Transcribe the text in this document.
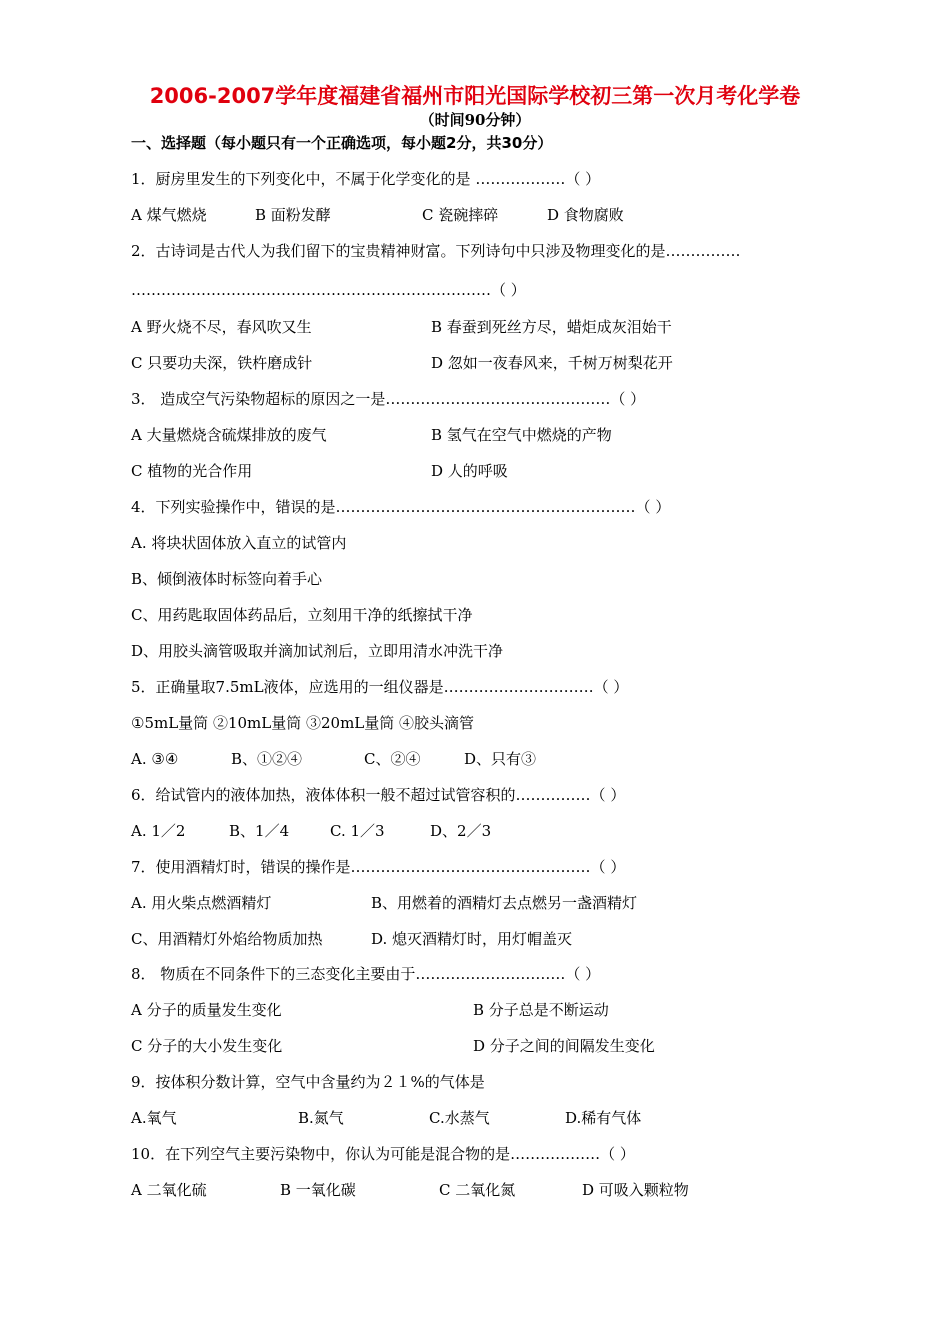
2006-2007学年度福建省福州市阳光国际学校初三第一次月考化学卷
（时间90分钟）
一、选择题（每小题只有一个正确选项，每小题2分，共30分）
1．厨房里发生的下列变化中，不属于化学变化的是 ………………（ ）
A 煤气燃烧	B 面粉发酵	C 瓷碗摔碎	D 食物腐败
2．古诗词是古代人为我们留下的宝贵精神财富。下列诗句中只涉及物理变化的是……………
………………………………………………………………（ ）
A 野火烧不尽，春风吹又生	B 春蚕到死丝方尽，蜡炬成灰泪始干
C 只要功夫深，铁杵磨成针	D 忽如一夜春风来，千树万树梨花开
3． 造成空气污染物超标的原因之一是………………………………………（ ）
A 大量燃烧含硫煤排放的废气	B 氢气在空气中燃烧的产物
C 植物的光合作用	D 人的呼吸
4．下列实验操作中，错误的是……………………………………………………（ ）
A. 将块状固体放入直立的试管内
B、倾倒液体时标签向着手心
C、用药匙取固体药品后，立刻用干净的纸擦拭干净
D、用胶头滴管吸取并滴加试剂后，立即用清水冲洗干净
5．正确量取7.5mL液体，应选用的一组仪器是…………………………（ ）
①5mL量筒 ②10mL量筒 ③20mL量筒 ④胶头滴管
A. ③④	B、①②④	C、②④	D、只有③
6．给试管内的液体加热，液体体积一般不超过试管容积的……………（ ）
A. 1／2	B、1／4	C. 1／3	D、2／3
7．使用酒精灯时，错误的操作是…………………………………………（ ）
A. 用火柴点燃酒精灯	B、用燃着的酒精灯去点燃另一盏酒精灯
C、用酒精灯外焰给物质加热	D. 熄灭酒精灯时，用灯帽盖灭
8． 物质在不同条件下的三态变化主要由于…………………………（ ）
A 分子的质量发生变化	B 分子总是不断运动
C 分子的大小发生变化	D 分子之间的间隔发生变化
9．按体积分数计算，空气中含量约为２１%的气体是
A.氧气	B.氮气	C.水蒸气	D.稀有气体
10．在下列空气主要污染物中，你认为可能是混合物的是………………（ ）
A 二氧化硫	B 一氧化碳	C 二氧化氮	D 可吸入颗粒物
